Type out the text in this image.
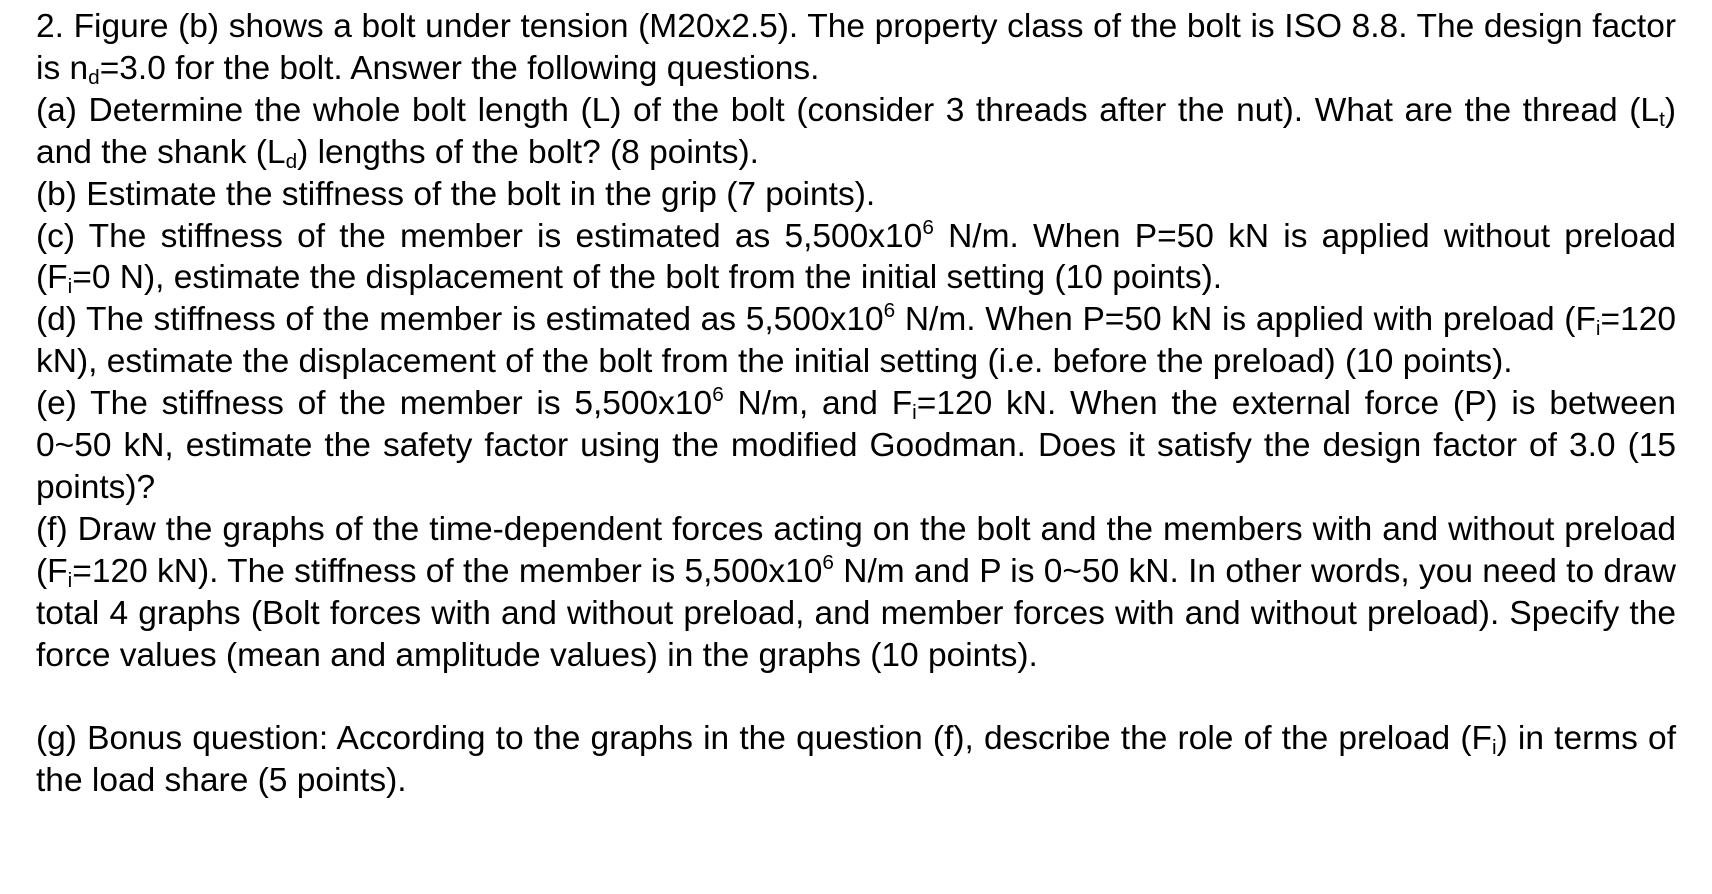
2. Figure (b) shows a bolt under tension (M20x2.5). The property class of the bolt is ISO 8.8. The design factor is $n_d=3.0$ for the bolt. Answer the following questions.

(a) Determine the whole bolt length (L) of the bolt (consider 3 threads after the nut). What are the thread $(L_t)$ and the shank $(L_d)$ lengths of the bolt? (8 points).

(b) Estimate the stiffness of the bolt in the grip (7 points).

(c) The stiffness of the member is estimated as $5,500x10^6$ N/m. When P=50 kN is applied without preload ($F_i=0$ N), estimate the displacement of the bolt from the initial setting (10 points).

(d) The stiffness of the member is estimated as $5,500x10^6$ N/m. When P=50 kN is applied with preload ($F_i=120$ kN), estimate the displacement of the bolt from the initial setting (i.e. before the preload) (10 points).

(e) The stiffness of the member is $5,500x10^6$ N/m, and $F_i=120$ kN. When the external force (P) is between 0~50 kN, estimate the safety factor using the modified Goodman. Does it satisfy the design factor of 3.0 (15 points)?

(f) Draw the graphs of the time-dependent forces acting on the bolt and the members with and without preload ($F_i=120$ kN). The stiffness of the member is $5,500x10^6$ N/m and P is 0~50 kN. In other words, you need to draw total 4 graphs (Bolt forces with and without preload, and member forces with and without preload). Specify the force values (mean and amplitude values) in the graphs (10 points).

(g) Bonus question: According to the graphs in the question (f), describe the role of the preload $(F_i)$ in terms of the load share (5 points).
